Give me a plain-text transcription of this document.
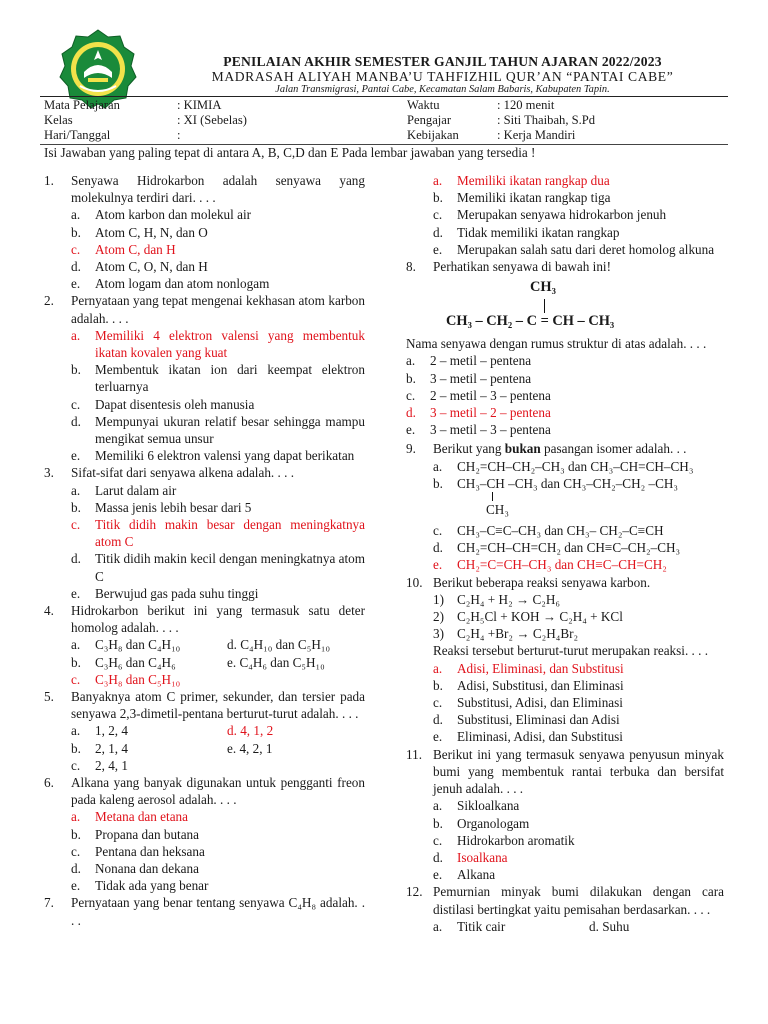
PENILAIAN AKHIR SEMESTER GANJIL TAHUN AJARAN 2022/2023
MADRASAH ALIYAH MANBA’U TAHFIZHIL QUR’AN “PANTAI CABE”
Jalan Transmigrasi, Pantai Cabe, Kecamatan Salam Babaris, Kabupaten Tapin.
Mata Pelajaran	: KIMIA	Waktu	: 120 menit
Kelas	: XI (Sebelas)	Pengajar	: Siti Thaibah, S.Pd
Hari/Tanggal	:	Kebijakan	: Kerja Mandiri
Isi Jawaban yang paling tepat di antara A, B, C,D dan E Pada lembar jawaban yang tersedia !
1. Senyawa Hidrokarbon adalah senyawa yang molekulnya terdiri dari. . . .
a. Atom karbon dan molekul air
b. Atom C, H, N, dan O
c. Atom C, dan H
d. Atom C, O, N, dan H
e. Atom logam dan atom nonlogam
2. Pernyataan yang tepat mengenai kekhasan atom karbon adalah. . . .
a. Memiliki 4 elektron valensi yang membentuk ikatan kovalen yang kuat
b. Membentuk ikatan ion dari keempat elektron terluarnya
c. Dapat disentesis oleh manusia
d. Mempunyai ukuran relatif besar sehingga mampu mengikat semua unsur
e. Memiliki 6 elektron valensi yang dapat berikatan
3. Sifat-sifat dari senyawa alkena adalah. . . .
a. Larut dalam air
b. Massa jenis lebih besar dari 5
c. Titik didih makin besar dengan meningkatnya atom C
d. Titik didih makin kecil dengan meningkatnya atom C
e. Berwujud gas pada suhu tinggi
4. Hidrokarbon berikut ini yang termasuk satu deter homolog adalah. . . .
a. C₃H₈ dan C₄H₁₀	d. C₄H₁₀ dan C₅H₁₀
b. C₃H₆ dan C₄H₆	e. C₄H₆ dan C₅H₁₀
c. C₃H₈ dan C₅H₁₀
5. Banyaknya atom C primer, sekunder, dan tersier pada senyawa 2,3-dimetil-pentana berturut-turut adalah. . . .
a. 1, 2, 4	d. 4, 1, 2
b. 2, 1, 4	e. 4, 2, 1
c. 2, 4, 1
6. Alkana yang banyak digunakan untuk pengganti freon pada kaleng aerosol adalah. . . .
a. Metana dan etana
b. Propana dan butana
c. Pentana dan heksana
d. Nonana dan dekana
e. Tidak ada yang benar
7. Pernyataan yang benar tentang senyawa C₄H₈ adalah. . . .
a. Memiliki ikatan rangkap dua
b. Memiliki ikatan rangkap tiga
c. Merupakan senyawa hidrokarbon jenuh
d. Tidak memiliki ikatan rangkap
e. Merupakan salah satu dari deret homolog alkuna
8. Perhatikan senyawa di bawah ini!
CH₃
CH₃ – CH₂ – C = CH – CH₃
Nama senyawa dengan rumus struktur di atas adalah. . . .
a. 2 – metil – pentena
b. 3 – metil – pentena
c. 2 – metil – 3 – pentena
d. 3 – metil – 2 – pentena
e. 3 – metil – 3 – pentena
9. Berikut yang bukan pasangan isomer adalah. . .
a. CH₂=CH–CH₂–CH₃ dan CH₃–CH=CH–CH₃
b. CH₃–CH –CH₃ dan CH₃–CH₂–CH₂ –CH₃
CH₃
c. CH₃–C≡C–CH₃ dan CH₃– CH₂–C≡CH
d. CH₂=CH–CH=CH₂ dan CH≡C–CH₂–CH₃
e. CH₂=C=CH–CH₃ dan CH≡C–CH=CH₂
10. Berikut beberapa reaksi senyawa karbon.
1) C₂H₄ + H₂ → C₂H₆
2) C₂H₅Cl + KOH → C₂H₄ + KCl
3) C₂H₄ +Br₂ → C₂H₄Br₂
Reaksi tersebut berturut-turut merupakan reaksi. . . .
a. Adisi, Eliminasi, dan Substitusi
b. Adisi, Substitusi, dan Eliminasi
c. Substitusi, Adisi, dan Eliminasi
d. Substitusi, Eliminasi dan Adisi
e. Eliminasi, Adisi, dan Substitusi
11. Berikut ini yang termasuk senyawa penyusun minyak bumi yang membentuk rantai terbuka dan bersifat jenuh adalah. . . .
a. Sikloalkana
b. Organologam
c. Hidrokarbon aromatik
d. Isoalkana
e. Alkana
12. Pemurnian minyak bumi dilakukan dengan cara distilasi bertingkat yaitu pemisahan berdasarkan. . . .
a. Titik cair	d. Suhu
